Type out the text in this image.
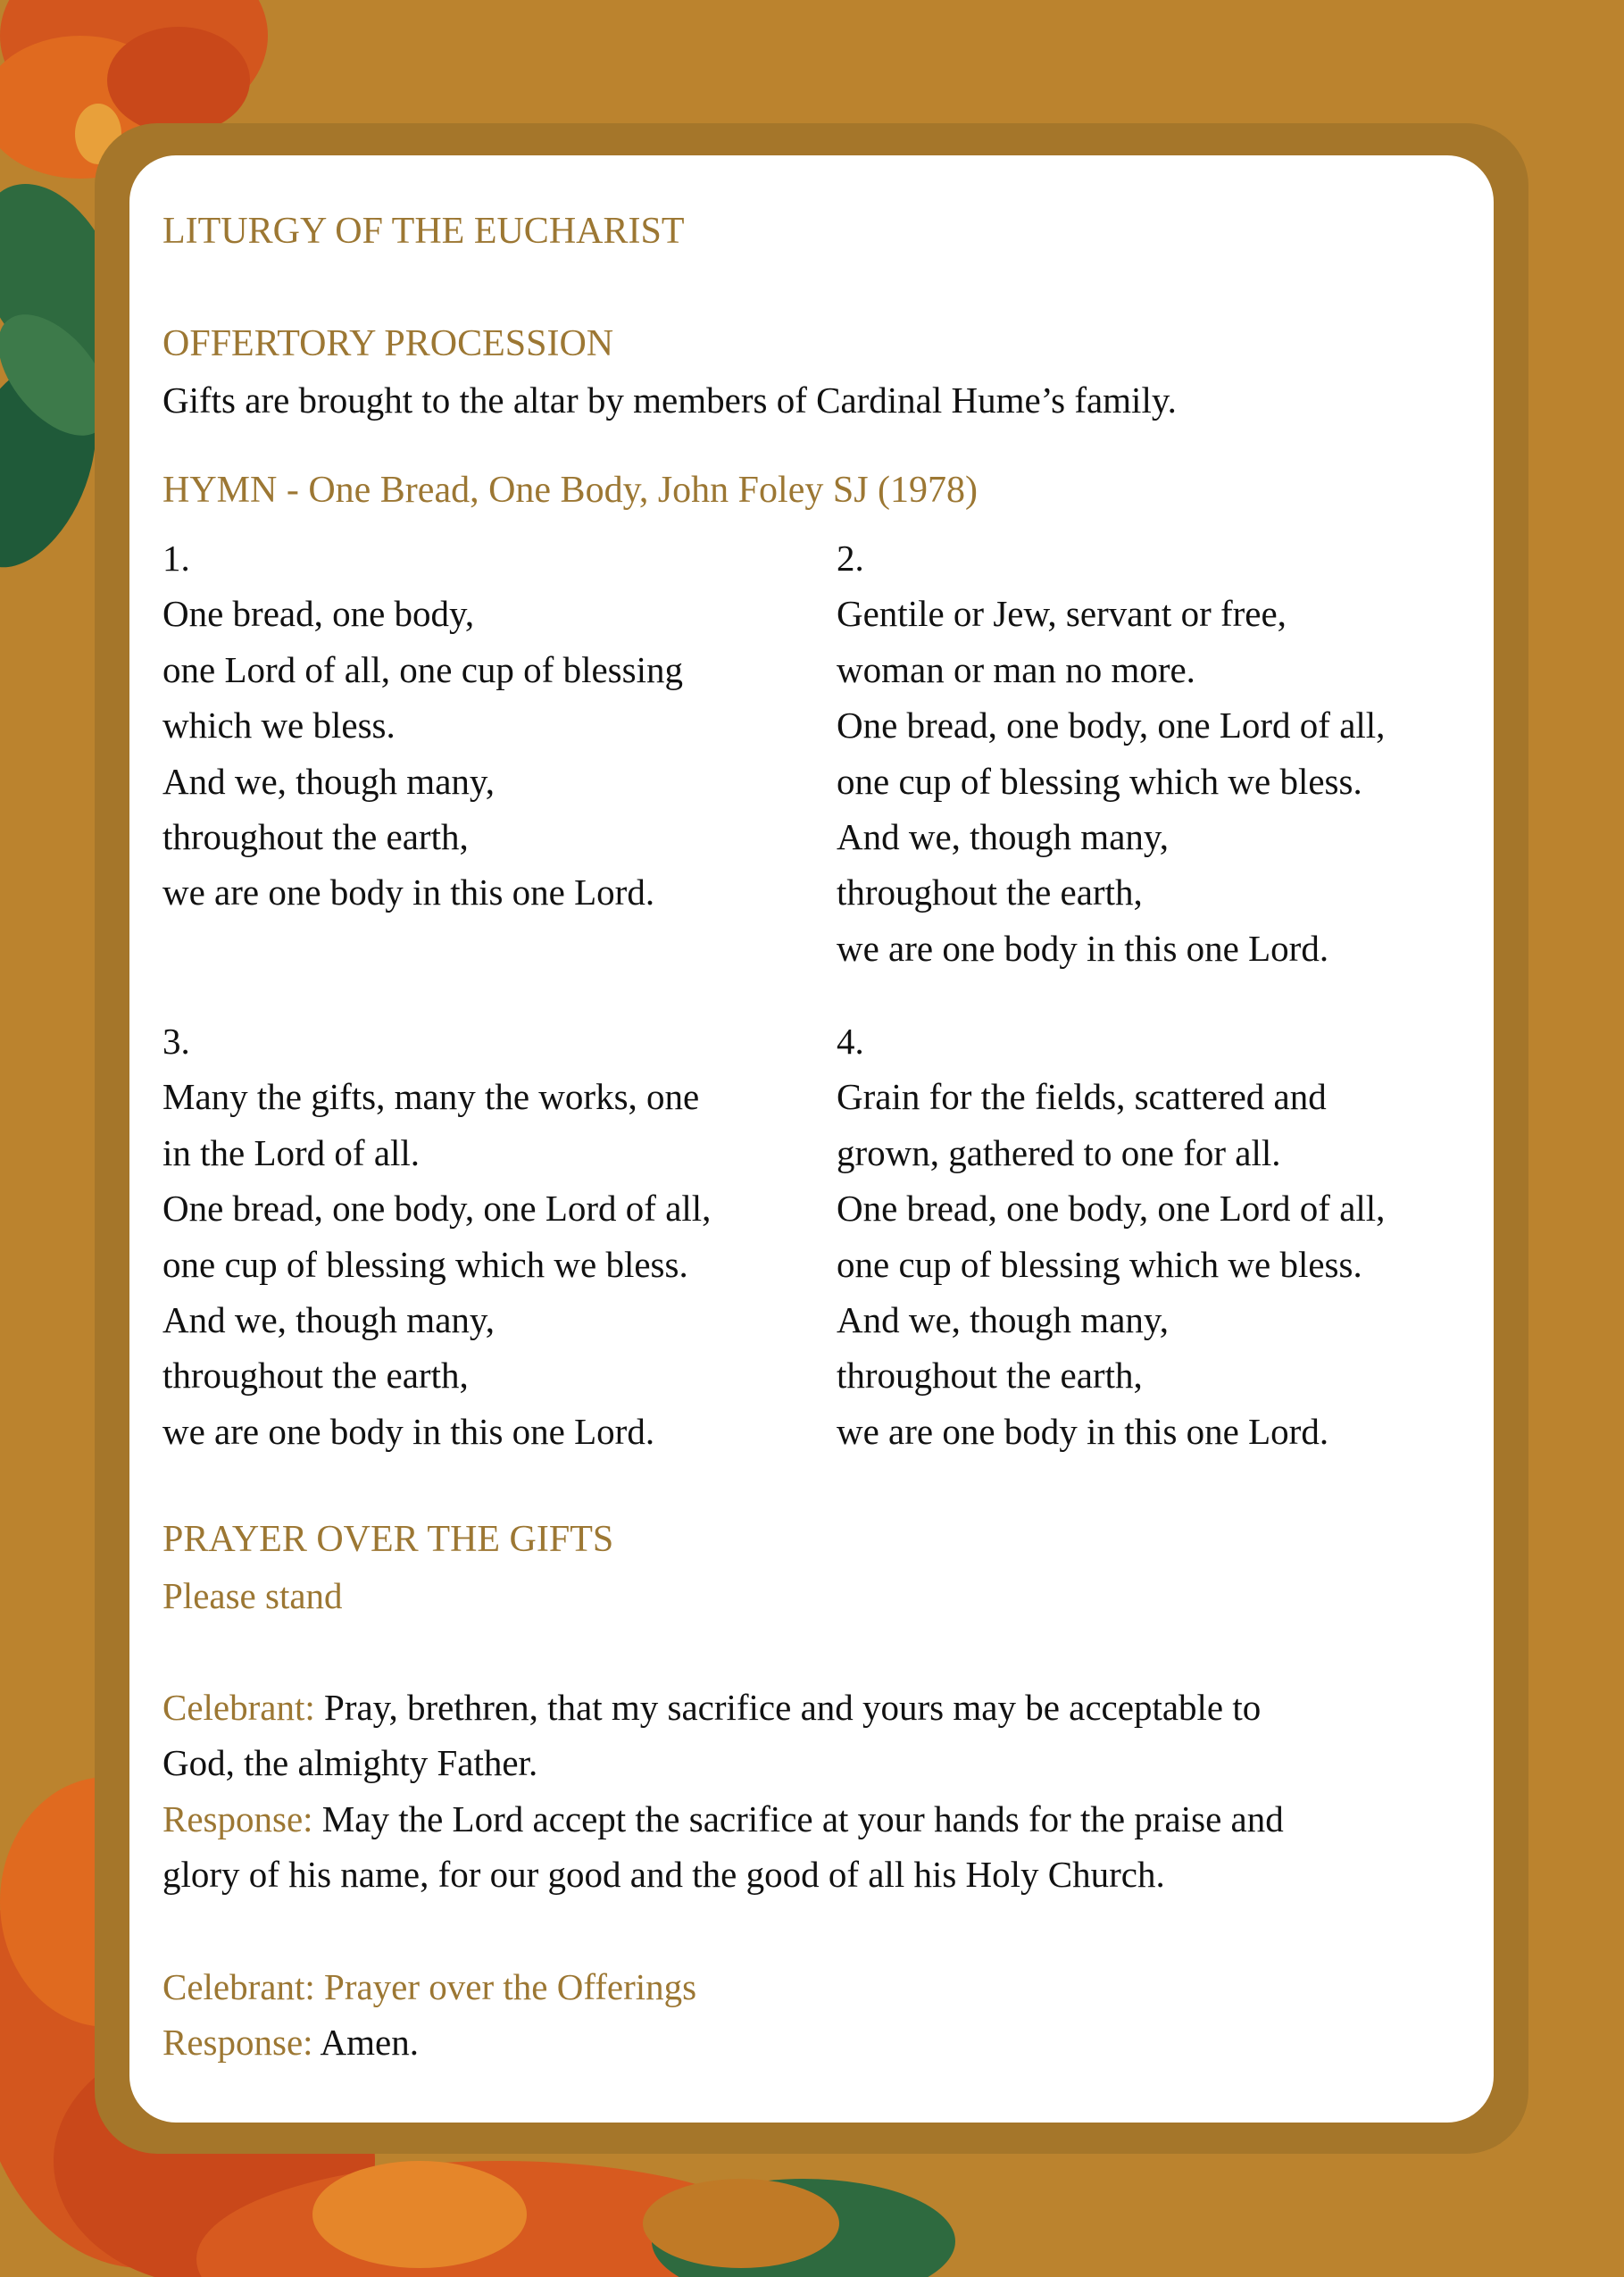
LITURGY OF THE EUCHARIST
OFFERTORY PROCESSION
Gifts are brought to the altar by members of Cardinal Hume’s family.
HYMN - One Bread, One Body, John Foley SJ (1978)
1.
One bread, one body,
one Lord of all, one cup of blessing
which we bless.
And we, though many,
throughout the earth,
we are one body in this one Lord.
2.
Gentile or Jew, servant or free,
woman or man no more.
One bread, one body, one Lord of all,
one cup of blessing which we bless.
And we, though many,
throughout the earth,
we are one body in this one Lord.
3.
Many the gifts, many the works, one
in the Lord of all.
One bread, one body, one Lord of all,
one cup of blessing which we bless.
And we, though many,
throughout the earth,
we are one body in this one Lord.
4.
Grain for the fields, scattered and
grown, gathered to one for all.
One bread, one body, one Lord of all,
one cup of blessing which we bless.
And we, though many,
throughout the earth,
we are one body in this one Lord.
PRAYER OVER THE GIFTS
Please stand
Celebrant: Pray, brethren, that my sacrifice and yours may be acceptable to
God, the almighty Father.
Response: May the Lord accept the sacrifice at your hands for the praise and
glory of his name, for our good and the good of all his Holy Church.
Celebrant: Prayer over the Offerings
Response: Amen.
